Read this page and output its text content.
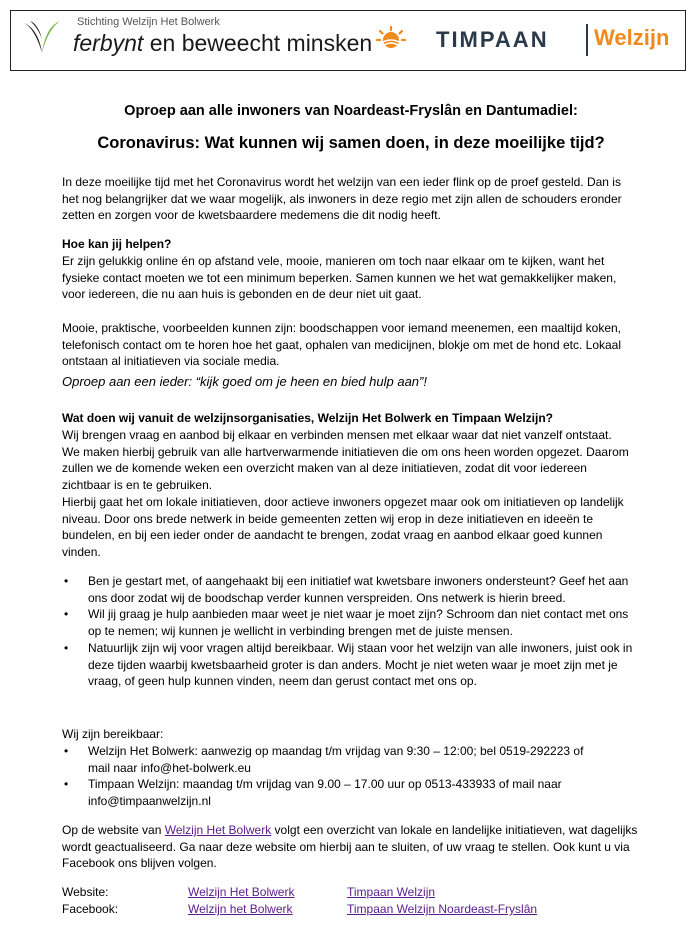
Stichting Welzijn Het Bolwerk
ferbynt en beweecht minsken	TIMPAAN Welzijn
Oproep aan alle inwoners van Noardeast-Fryslân en Dantumadiel:
Coronavirus: Wat kunnen wij samen doen, in deze moeilijke tijd?

In deze moeilijke tijd met het Coronavirus wordt het welzijn van een ieder flink op de proef gesteld. Dan is het nog belangrijker dat we waar mogelijk, als inwoners in deze regio met zijn allen de schouders eronder zetten en zorgen voor de kwetsbaardere medemens die dit nodig heeft.

Hoe kan jij helpen?

Er zijn gelukkig online én op afstand vele, mooie, manieren om toch naar elkaar om te kijken, want het fysieke contact moeten we tot een minimum beperken. Samen kunnen we het wat gemakkelijker maken, voor iedereen, die nu aan huis is gebonden en de deur niet uit gaat.

Mooie, praktische, voorbeelden kunnen zijn: boodschappen voor iemand meenemen, een maaltijd koken, telefonisch contact om te horen hoe het gaat, ophalen van medicijnen, blokje om met de hond etc. Lokaal ontstaan al initiatieven via sociale media.

Oproep aan een ieder: “kijk goed om je heen en bied hulp aan”!

Wat doen wij vanuit de welzijnsorganisaties, Welzijn Het Bolwerk en Timpaan Welzijn?

Wij brengen vraag en aanbod bij elkaar en verbinden mensen met elkaar waar dat niet vanzelf ontstaat. We maken hierbij gebruik van alle hartverwarmende initiatieven die om ons heen worden opgezet. Daarom zullen we de komende weken een overzicht maken van al deze initiatieven, zodat dit voor iedereen zichtbaar is en te gebruiken.

Hierbij gaat het om lokale initiatieven, door actieve inwoners opgezet maar ook om initiatieven op landelijk niveau. Door ons brede netwerk in beide gemeenten zetten wij erop in deze initiatieven en ideeën te bundelen, en bij een ieder onder de aandacht te brengen, zodat vraag en aanbod elkaar goed kunnen vinden.

• Ben je gestart met, of aangehaakt bij een initiatief wat kwetsbare inwoners ondersteunt? Geef het aan ons door zodat wij de boodschap verder kunnen verspreiden. Ons netwerk is hierin breed.
• Wil jij graag je hulp aanbieden maar weet je niet waar je moet zijn? Schroom dan niet contact met ons op te nemen; wij kunnen je wellicht in verbinding brengen met de juiste mensen.
• Natuurlijk zijn wij voor vragen altijd bereikbaar. Wij staan voor het welzijn van alle inwoners, juist ook in deze tijden waarbij kwetsbaarheid groter is dan anders. Mocht je niet weten waar je moet zijn met je vraag, of geen hulp kunnen vinden, neem dan gerust contact met ons op.

Wij zijn bereikbaar:

• Welzijn Het Bolwerk: aanwezig op maandag t/m vrijdag van 9:30 – 12:00; bel 0519-292223 of mail naar info@het-bolwerk.eu
• Timpaan Welzijn: maandag t/m vrijdag van 9.00 – 17.00 uur op 0513-433933 of mail naar info@timpaanwelzijn.nl

Op de website van Welzijn Het Bolwerk volgt een overzicht van lokale en landelijke initiatieven, wat dagelijks wordt geactualiseerd. Ga naar deze website om hierbij aan te sluiten, of uw vraag te stellen. Ook kunt u via Facebook ons blijven volgen.

Website:	Welzijn Het Bolwerk	Timpaan Welzijn
Facebook:	Welzijn het Bolwerk	Timpaan Welzijn Noardeast-Fryslân
